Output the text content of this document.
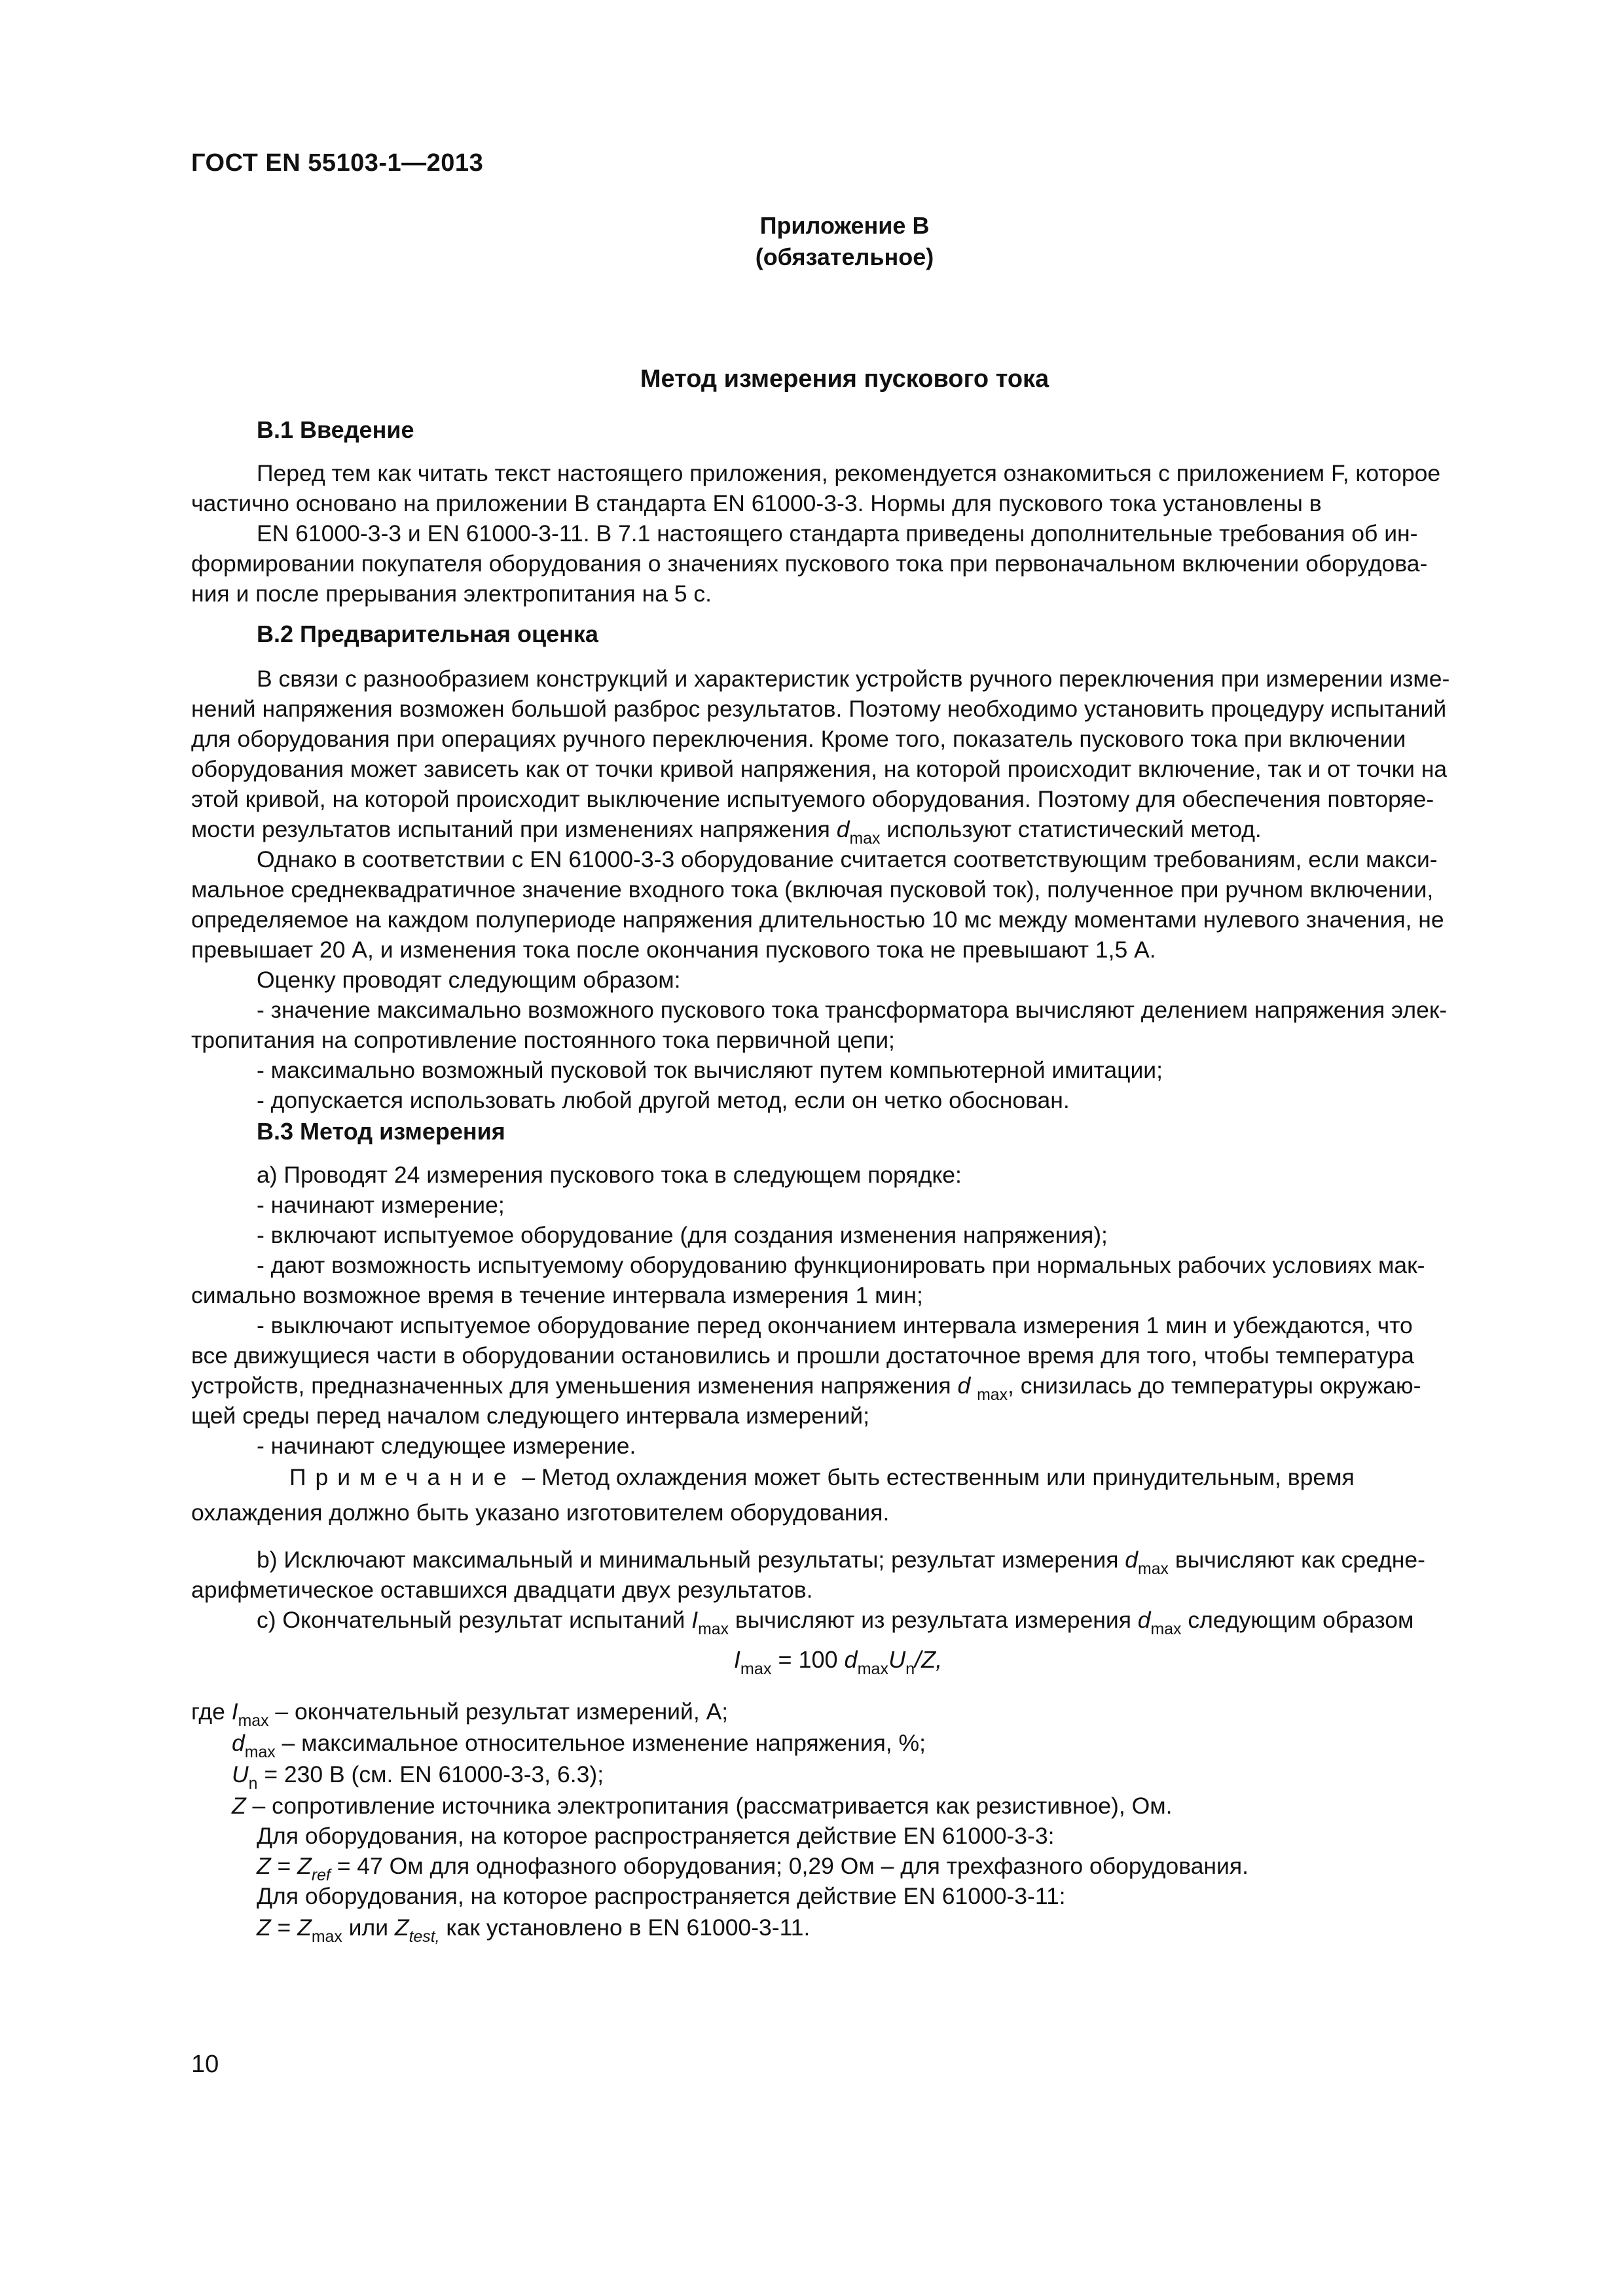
ГОСТ EN 55103-1—2013
Приложение В
(обязательное)
Метод измерения пускового тока
В.1 Введение
Перед тем как читать текст настоящего приложения, рекомендуется ознакомиться с приложением F, которое
частично основано на приложении В стандарта EN 61000-3-3. Нормы для пускового тока установлены в
EN 61000-3-3 и EN 61000-3-11. В 7.1 настоящего стандарта приведены дополнительные требования об ин-
формировании покупателя оборудования о значениях пускового тока при первоначальном включении оборудова-
ния и после прерывания электропитания на 5 с.
В.2 Предварительная оценка
В связи с разнообразием конструкций и характеристик устройств ручного переключения при измерении изме-
нений напряжения возможен большой разброс результатов. Поэтому необходимо установить процедуру испытаний
для оборудования при операциях ручного переключения. Кроме того, показатель пускового тока при включении
оборудования может зависеть как от точки кривой напряжения, на которой происходит включение, так и от точки на
этой кривой, на которой происходит выключение испытуемого оборудования. Поэтому для обеспечения повторяе-
мости результатов испытаний при изменениях напряжения $d_{max}$ используют статистический метод.
Однако в соответствии с EN 61000-3-3 оборудование считается соответствующим требованиям, если макси-
мальное среднеквадратичное значение входного тока (включая пусковой ток), полученное при ручном включении,
определяемое на каждом полупериоде напряжения длительностью 10 мс между моментами нулевого значения, не
превышает 20 А, и изменения тока после окончания пускового тока не превышают 1,5 А.
Оценку проводят следующим образом:
- значение максимально возможного пускового тока трансформатора вычисляют делением напряжения элек-
тропитания на сопротивление постоянного тока первичной цепи;
- максимально возможный пусковой ток вычисляют путем компьютерной имитации;
- допускается использовать любой другой метод, если он четко обоснован.
В.3 Метод измерения
а) Проводят 24 измерения пускового тока в следующем порядке:
- начинают измерение;
- включают испытуемое оборудование (для создания изменения напряжения);
- дают возможность испытуемому оборудованию функционировать при нормальных рабочих условиях мак-
симально возможное время в течение интервала измерения 1 мин;
- выключают испытуемое оборудование перед окончанием интервала измерения 1 мин и убеждаются, что
все движущиеся части в оборудовании остановились и прошли достаточное время для того, чтобы температура
устройств, предназначенных для уменьшения изменения напряжения d $_{max}$, снизилась до температуры окружаю-
щей среды перед началом следующего интервала измерений;
- начинают следующее измерение.
Примечание – Метод охлаждения может быть естественным или принудительным, время
охлаждения должно быть указано изготовителем оборудования.
b) Исключают максимальный и минимальный результаты; результат измерения $d_{max}$ вычисляют как средне-
арифметическое оставшихся двадцати двух результатов.
с) Окончательный результат испытаний $I_{max}$ вычисляют из результата измерения $d_{max}$ следующим образом
$I_{max} = 100$ $d_{max}U_n/Z$,
где $I_{max}$ – окончательный результат измерений, А;
$d_{max}$ – максимальное относительное изменение напряжения, %;
$U_n = 230$ В (см. EN 61000-3-3, 6.3);
Z – сопротивление источника электропитания (рассматривается как резистивное), Ом.
Для оборудования, на которое распространяется действие EN 61000-3-3:
$Z = Z_{ref} = 47$ Ом для однофазного оборудования; 0,29 Ом – для трехфазного оборудования.
Для оборудования, на которое распространяется действие EN 61000-3-11:
$Z = Z_{max}$ или $Z_{test,}$ как установлено в EN 61000-3-11.
10
